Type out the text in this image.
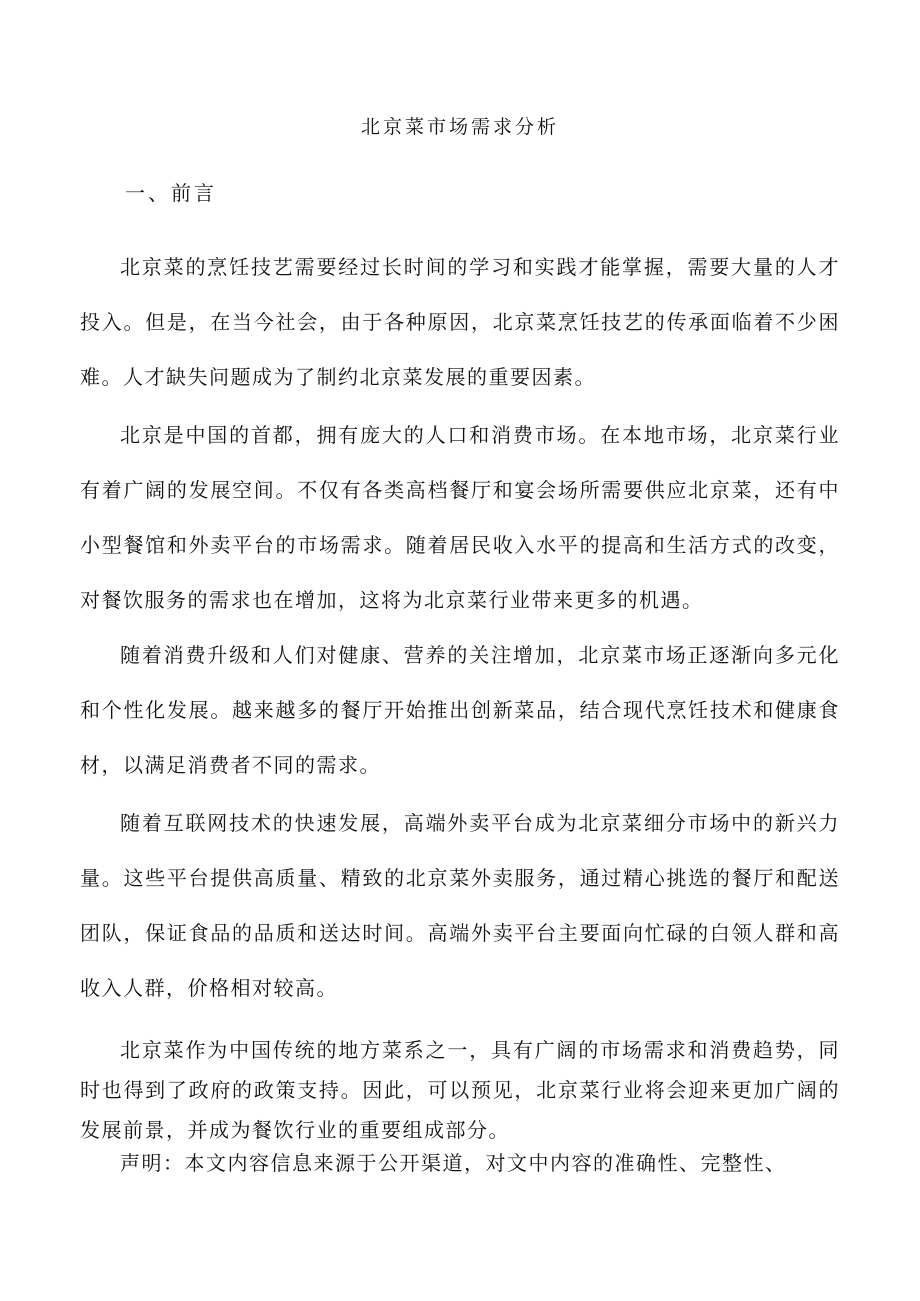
北京菜市场需求分析
一、前言

北京菜的烹饪技艺需要经过长时间的学习和实践才能掌握，需要大量的人才投入。但是，在当今社会，由于各种原因，北京菜烹饪技艺的传承面临着不少困难。人才缺失问题成为了制约北京菜发展的重要因素。

北京是中国的首都，拥有庞大的人口和消费市场。在本地市场，北京菜行业有着广阔的发展空间。不仅有各类高档餐厅和宴会场所需要供应北京菜，还有中小型餐馆和外卖平台的市场需求。随着居民收入水平的提高和生活方式的改变，对餐饮服务的需求也在增加，这将为北京菜行业带来更多的机遇。

随着消费升级和人们对健康、营养的关注增加，北京菜市场正逐渐向多元化和个性化发展。越来越多的餐厅开始推出创新菜品，结合现代烹饪技术和健康食材，以满足消费者不同的需求。

随着互联网技术的快速发展，高端外卖平台成为北京菜细分市场中的新兴力量。这些平台提供高质量、精致的北京菜外卖服务，通过精心挑选的餐厅和配送团队，保证食品的品质和送达时间。高端外卖平台主要面向忙碌的白领人群和高收入人群，价格相对较高。

北京菜作为中国传统的地方菜系之一，具有广阔的市场需求和消费趋势，同时也得到了政府的政策支持。因此，可以预见，北京菜行业将会迎来更加广阔的发展前景，并成为餐饮行业的重要组成部分。

声明：本文内容信息来源于公开渠道，对文中内容的准确性、完整性、
